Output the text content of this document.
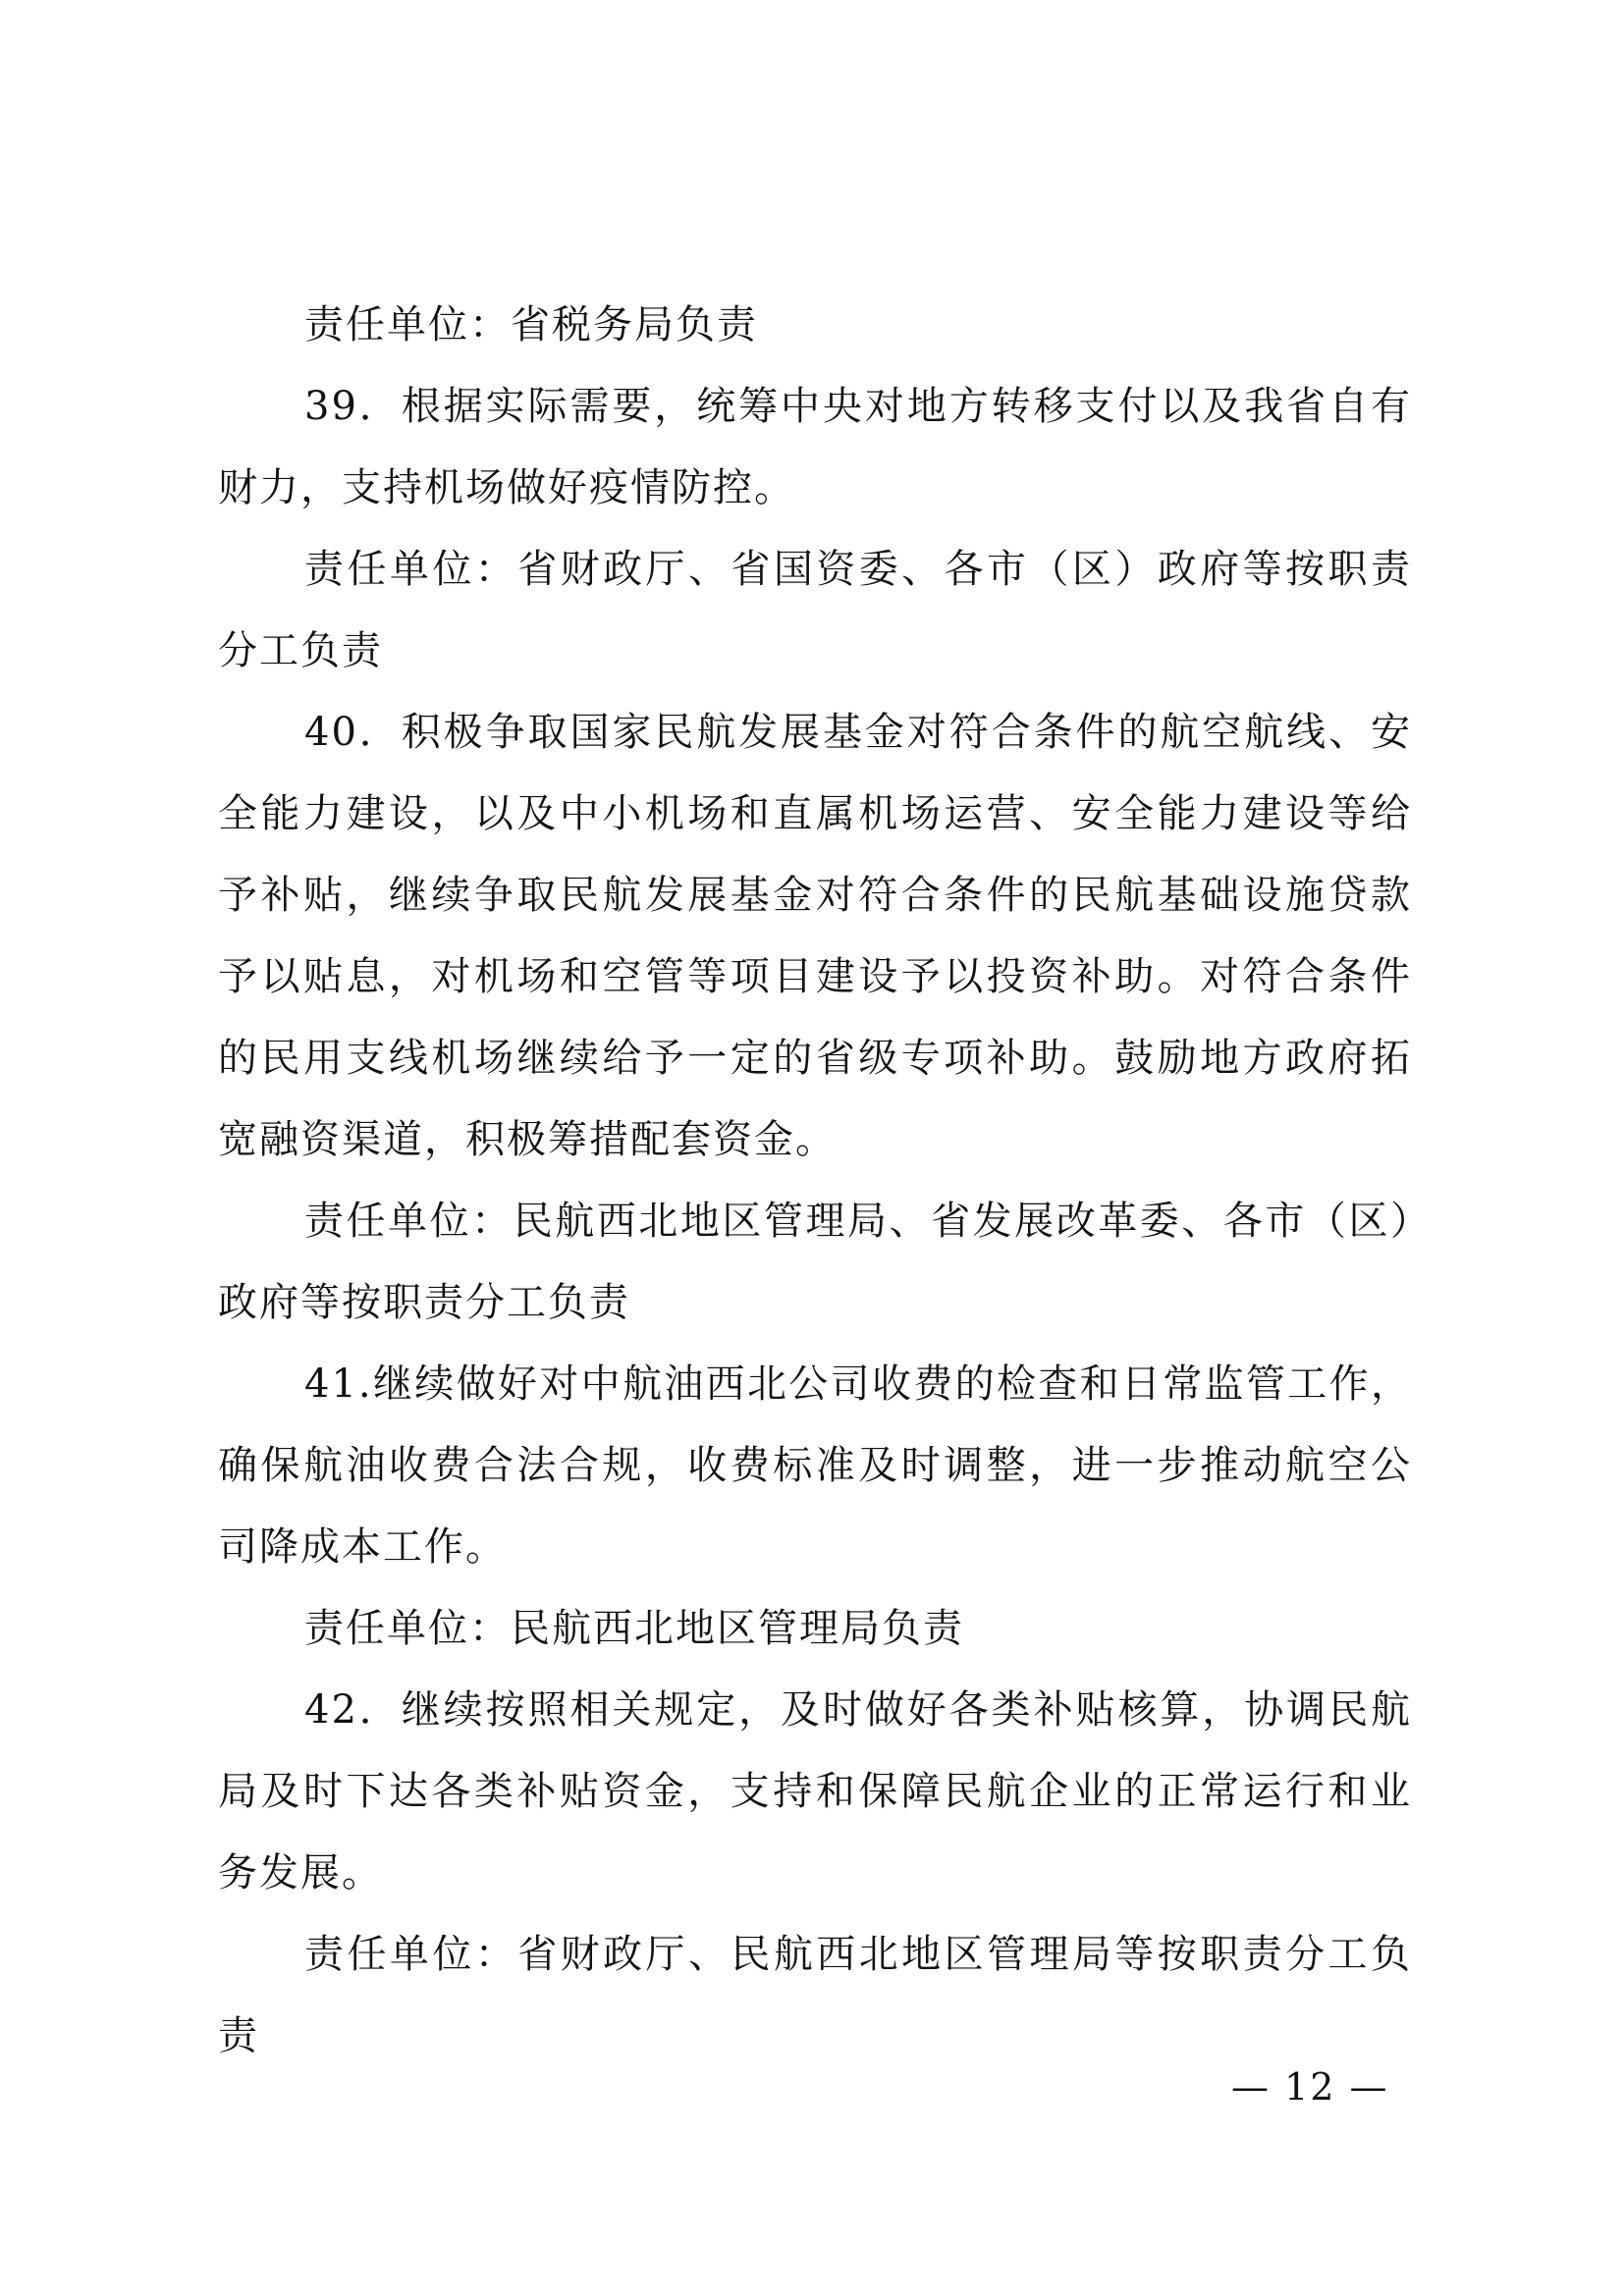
责任单位：省税务局负责

39．根据实际需要，统筹中央对地方转移支付以及我省自有财力，支持机场做好疫情防控。

责任单位：省财政厅、省国资委、各市（区）政府等按职责分工负责

40．积极争取国家民航发展基金对符合条件的航空航线、安全能力建设，以及中小机场和直属机场运营、安全能力建设等给予补贴，继续争取民航发展基金对符合条件的民航基础设施贷款予以贴息，对机场和空管等项目建设予以投资补助。对符合条件的民用支线机场继续给予一定的省级专项补助。鼓励地方政府拓宽融资渠道，积极筹措配套资金。

责任单位：民航西北地区管理局、省发展改革委、各市（区）政府等按职责分工负责

41.继续做好对中航油西北公司收费的检查和日常监管工作，确保航油收费合法合规，收费标准及时调整，进一步推动航空公司降成本工作。

责任单位：民航西北地区管理局负责

42．继续按照相关规定，及时做好各类补贴核算，协调民航局及时下达各类补贴资金，支持和保障民航企业的正常运行和业务发展。

责任单位：省财政厅、民航西北地区管理局等按职责分工负责

— 12 —
